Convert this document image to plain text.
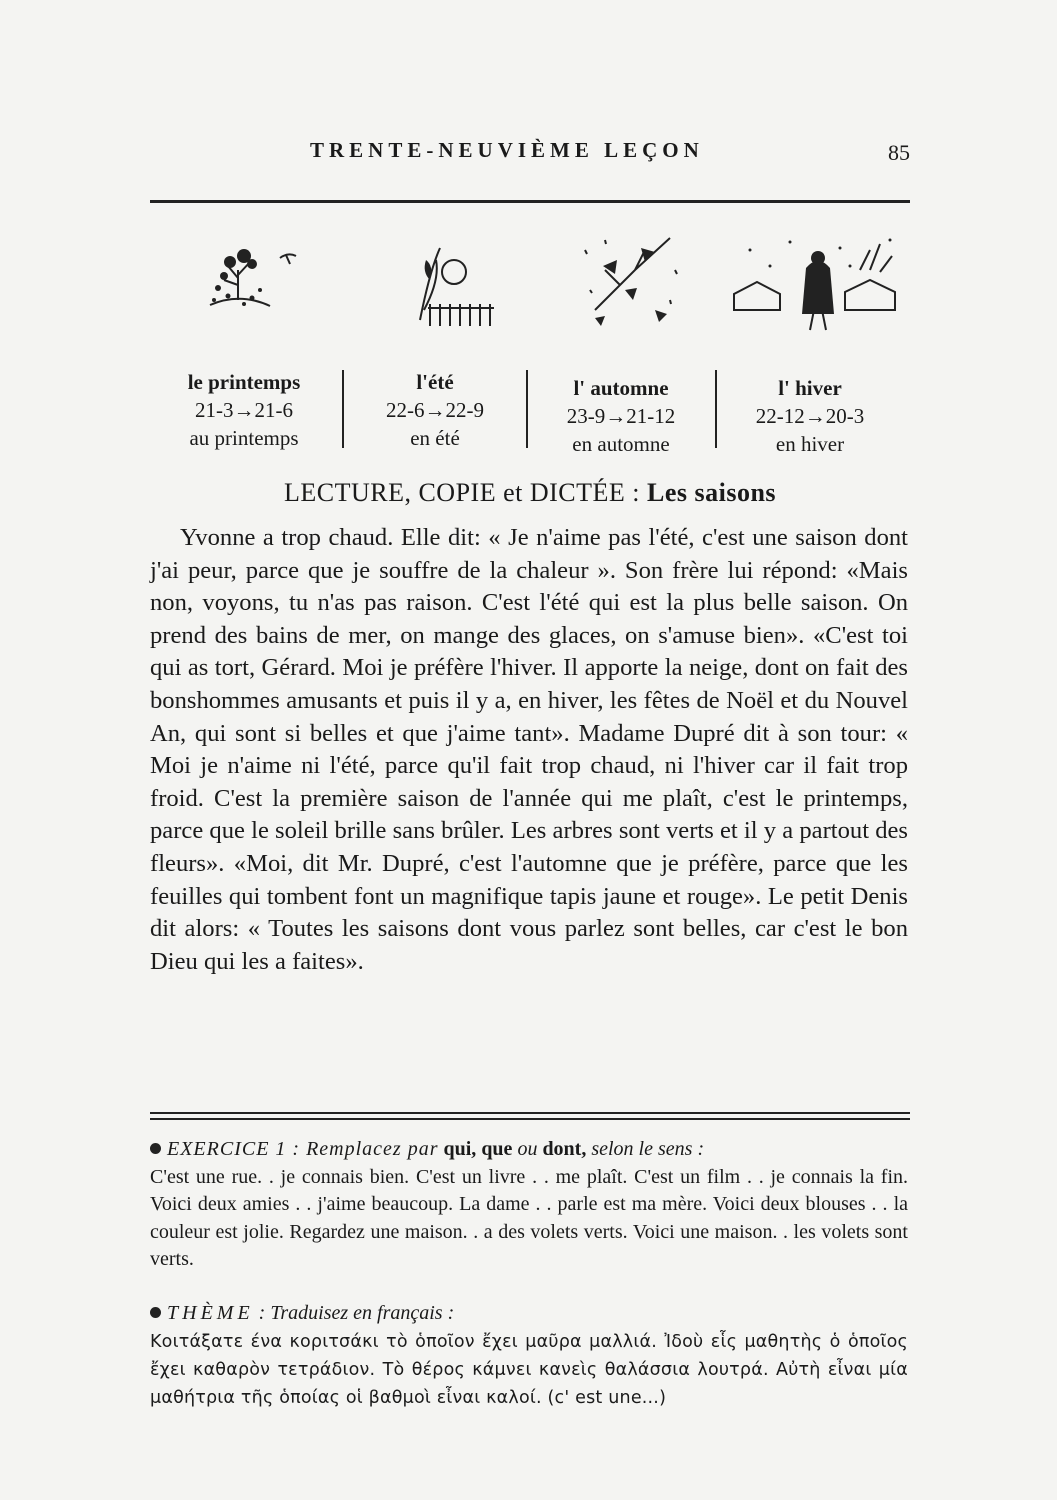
TRENTE-NEUVIÈME LEÇON	85
le printemps
21-3→21-6
au printemps
l'été
22-6→22-9
en été
l' automne
23-9→21-12
en automne
l' hiver
22-12→20-3
en hiver
LECTURE, COPIE et DICTÉE : Les saisons

Yvonne a trop chaud. Elle dit: « Je n'aime pas l'été, c'est une saison dont j'ai peur, parce que je souffre de la chaleur ». Son frère lui répond: «Mais non, voyons, tu n'as pas raison. C'est l'été qui est la plus belle saison. On prend des bains de mer, on mange des glaces, on s'amuse bien». «C'est toi qui as tort, Gérard. Moi je préfère l'hiver. Il apporte la neige, dont on fait des bonshommes amusants et puis il y a, en hiver, les fêtes de Noël et du Nouvel An, qui sont si belles et que j'aime tant». Madame Dupré dit à son tour: « Moi je n'aime ni l'été, parce qu'il fait trop chaud, ni l'hiver car il fait trop froid. C'est la première saison de l'année qui me plaît, c'est le printemps, parce que le soleil brille sans brûler. Les arbres sont verts et il y a partout des fleurs». «Moi, dit Mr. Dupré, c'est l'automne que je préfère, parce que les feuilles qui tombent font un magnifique tapis jaune et rouge». Le petit Denis dit alors: « Toutes les saisons dont vous parlez sont belles, car c'est le bon Dieu qui les a faites».

EXERCICE 1 : Remplacez par qui, que ou dont, selon le sens :

C'est une rue. . je connais bien. C'est un livre . . me plaît. C'est un film . . je connais la fin. Voici deux amies . . j'aime beaucoup. La dame . . parle est ma mère. Voici deux blouses . . la couleur est jolie. Regardez une maison. . a des volets verts. Voici une maison. . les volets sont verts.

THÈME : Traduisez en français :

Κοιτάξατε ένα κοριτσάκι τὸ ὁποῖον ἔχει μαῦρα μαλλιά. Ἰδοὺ εἷς μαθητὴς ὁ ὁποῖος ἔχει καθαρὸν τετράδιον. Τὸ θέρος κάμνει κανεὶς θαλάσσια λουτρά. Αὐτὴ εἶναι μία μαθήτρια τῆς ὁποίας οἱ βαθμοὶ εἶναι καλοί. (c' est une...)
